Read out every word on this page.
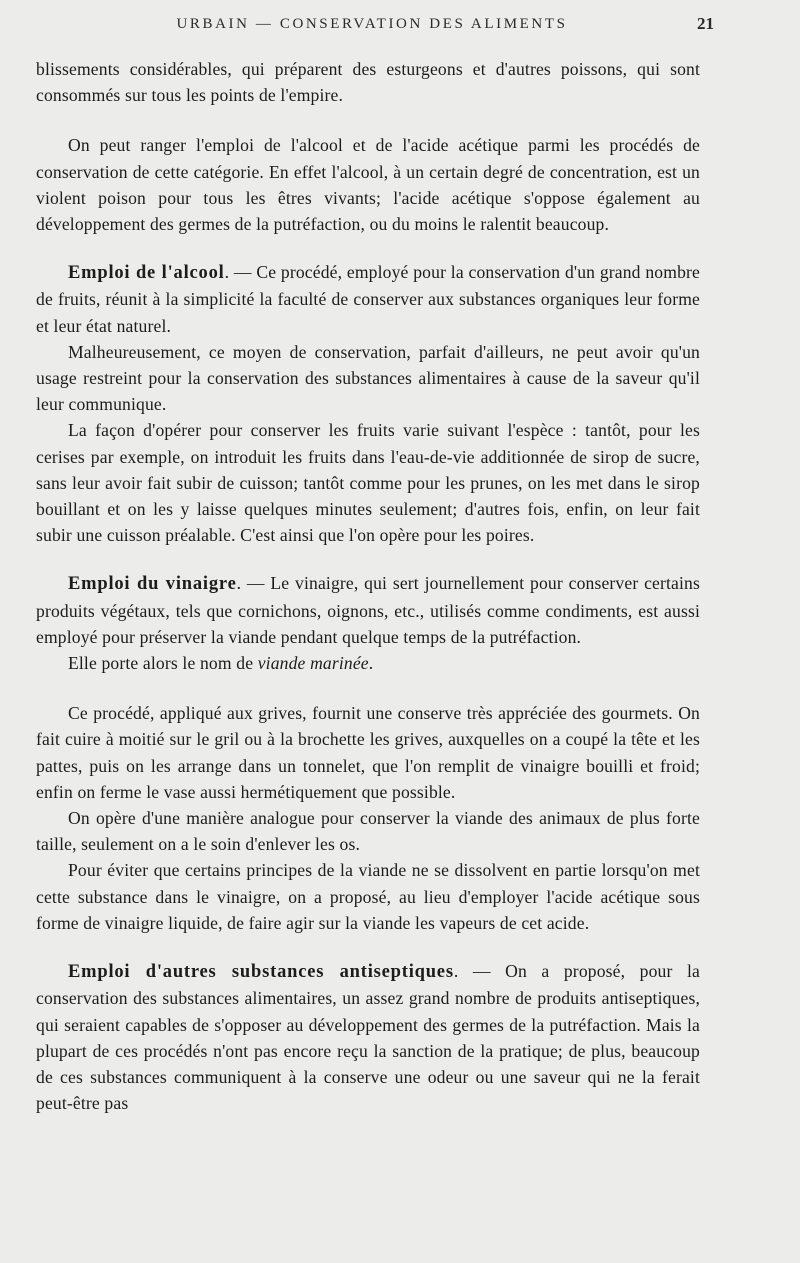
URBAIN — CONSERVATION DES ALIMENTS	21

blissements considérables, qui préparent des esturgeons et d'autres poissons, qui sont consommés sur tous les points de l'empire.

On peut ranger l'emploi de l'alcool et de l'acide acétique parmi les procédés de conservation de cette catégorie. En effet l'alcool, à un certain degré de concentration, est un violent poison pour tous les êtres vivants; l'acide acétique s'oppose également au développement des germes de la putréfaction, ou du moins le ralentit beaucoup.

Emploi de l'alcool. — Ce procédé, employé pour la conservation d'un grand nombre de fruits, réunit à la simplicité la faculté de conserver aux substances organiques leur forme et leur état naturel.

Malheureusement, ce moyen de conservation, parfait d'ailleurs, ne peut avoir qu'un usage restreint pour la conservation des substances alimentaires à cause de la saveur qu'il leur communique.

La façon d'opérer pour conserver les fruits varie suivant l'espèce : tantôt, pour les cerises par exemple, on introduit les fruits dans l'eau-de-vie additionnée de sirop de sucre, sans leur avoir fait subir de cuisson; tantôt comme pour les prunes, on les met dans le sirop bouillant et on les y laisse quelques minutes seulement; d'autres fois, enfin, on leur fait subir une cuisson préalable. C'est ainsi que l'on opère pour les poires.

Emploi du vinaigre. — Le vinaigre, qui sert journellement pour conserver certains produits végétaux, tels que cornichons, oignons, etc., utilisés comme condiments, est aussi employé pour préserver la viande pendant quelque temps de la putréfaction.

Elle porte alors le nom de viande marinée.

Ce procédé, appliqué aux grives, fournit une conserve très appréciée des gourmets. On fait cuire à moitié sur le gril ou à la brochette les grives, auxquelles on a coupé la tête et les pattes, puis on les arrange dans un tonnelet, que l'on remplit de vinaigre bouilli et froid; enfin on ferme le vase aussi hermétiquement que possible.

On opère d'une manière analogue pour conserver la viande des animaux de plus forte taille, seulement on a le soin d'enlever les os.

Pour éviter que certains principes de la viande ne se dissolvent en partie lorsqu'on met cette substance dans le vinaigre, on a proposé, au lieu d'employer l'acide acétique sous forme de vinaigre liquide, de faire agir sur la viande les vapeurs de cet acide.

Emploi d'autres substances antiseptiques. — On a proposé, pour la conservation des substances alimentaires, un assez grand nombre de produits antiseptiques, qui seraient capables de s'opposer au développement des germes de la putréfaction. Mais la plupart de ces procédés n'ont pas encore reçu la sanction de la pratique; de plus, beaucoup de ces substances communiquent à la conserve une odeur ou une saveur qui ne la ferait peut-être pas
